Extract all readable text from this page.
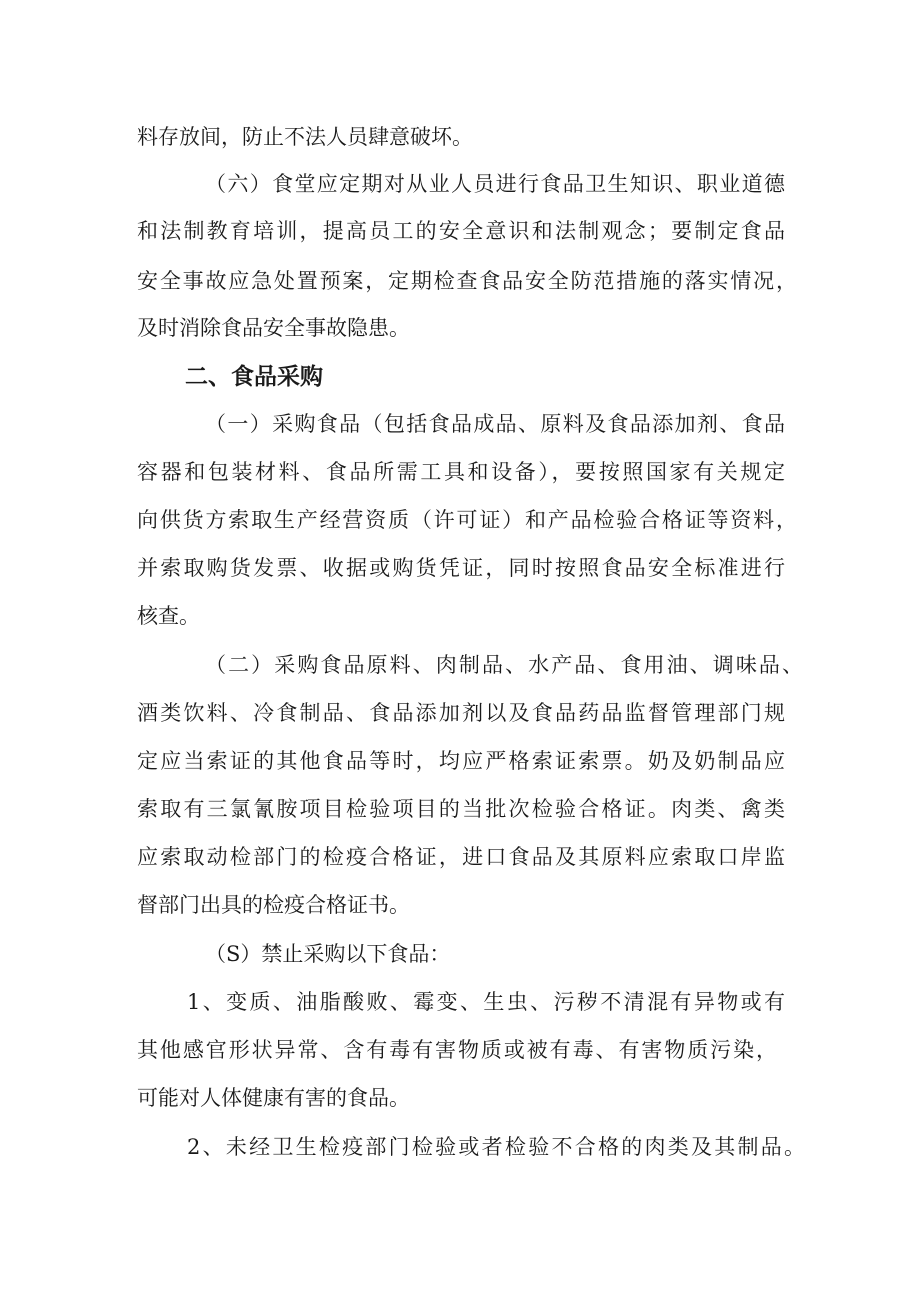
料存放间，防止不法人员肆意破坏。
（六）食堂应定期对从业人员进行食品卫生知识、职业道德
和法制教育培训，提高员工的安全意识和法制观念；要制定食品
安全事故应急处置预案，定期检查食品安全防范措施的落实情况，
及时消除食品安全事故隐患。
二、食品采购
（一）采购食品（包括食品成品、原料及食品添加剂、食品
容器和包装材料、食品所需工具和设备），要按照国家有关规定
向供货方索取生产经营资质（许可证）和产品检验合格证等资料，
并索取购货发票、收据或购货凭证，同时按照食品安全标准进行
核查。
（二）采购食品原料、肉制品、水产品、食用油、调味品、
酒类饮料、冷食制品、食品添加剂以及食品药品监督管理部门规
定应当索证的其他食品等时，均应严格索证索票。奶及奶制品应
索取有三氯氰胺项目检验项目的当批次检验合格证。肉类、禽类
应索取动检部门的检疫合格证，进口食品及其原料应索取口岸监
督部门出具的检疫合格证书。
（S）禁止采购以下食品：
1、变质、油脂酸败、霉变、生虫、污秽不清混有异物或有
其他感官形状异常、含有毒有害物质或被有毒、有害物质污染，
可能对人体健康有害的食品。
2、未经卫生检疫部门检验或者检验不合格的肉类及其制品。
